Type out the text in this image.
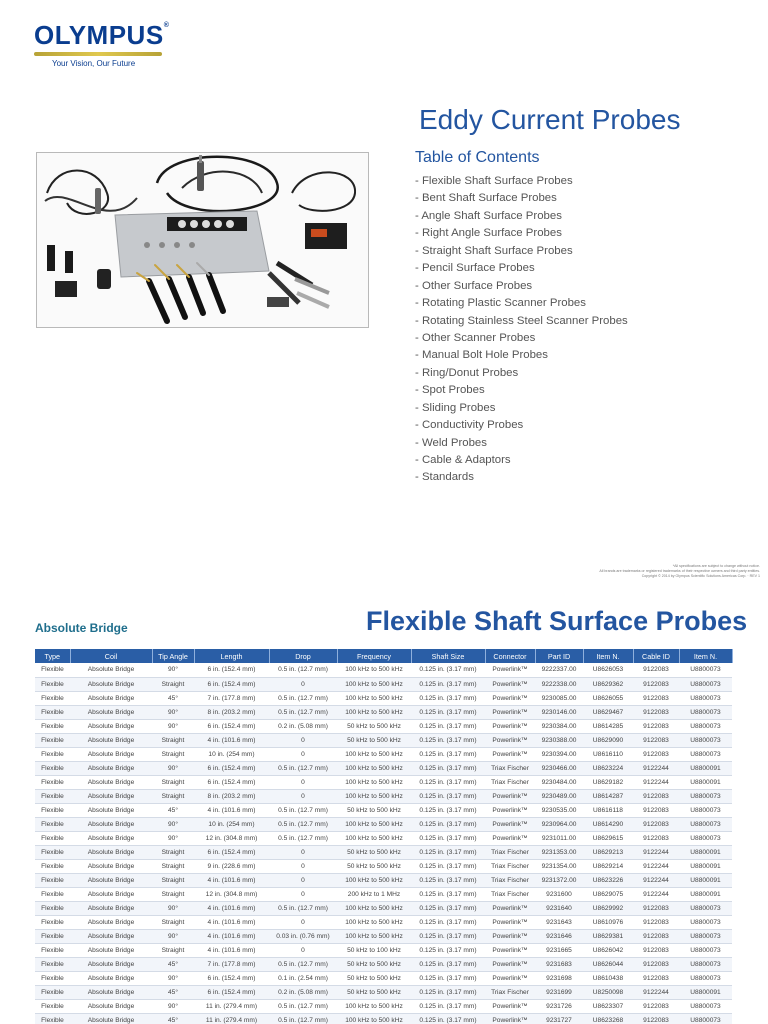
OLYMPUS®
Your Vision, Our Future
Eddy Current Probes
Table of Contents
- Flexible Shaft Surface Probes
- Bent Shaft Surface Probes
- Angle Shaft Surface Probes
- Right Angle Surface Probes
- Straight Shaft Surface Probes
- Pencil Surface Probes
- Other Surface Probes
- Rotating Plastic Scanner Probes
- Rotating Stainless Steel Scanner Probes
- Other Scanner Probes
- Manual Bolt Hole Probes
- Ring/Donut Probes
- Spot Probes
- Sliding Probes
- Conductivity Probes
- Weld Probes
- Cable & Adaptors
- Standards
*All specifications are subject to change without notice.
All brands are trademarks or registered trademarks of their respective owners and third party entities.
Copyright © 2014 by Olympus Scientific Solutions Americas Corp. · REV 1
Absolute Bridge	Flexible Shaft Surface Probes
Type	Coil	Tip Angle	Length	Drop	Frequency	Shaft Size	Connector	Part ID	Item N.	Cable ID	Item N.
Flexible	Absolute Bridge	90°	6 in. (152.4 mm)	0.5 in. (12.7 mm)	100 kHz to 500 kHz	0.125 in. (3.17 mm)	Powerlink™	9222337.00	U8626053	9122083	U8800073
Flexible	Absolute Bridge	Straight	6 in. (152.4 mm)	0	100 kHz to 500 kHz	0.125 in. (3.17 mm)	Powerlink™	9222338.00	U8629362	9122083	U8800073
Flexible	Absolute Bridge	45°	7 in. (177.8 mm)	0.5 in. (12.7 mm)	100 kHz to 500 kHz	0.125 in. (3.17 mm)	Powerlink™	9230085.00	U8626055	9122083	U8800073
Flexible	Absolute Bridge	90°	8 in. (203.2 mm)	0.5 in. (12.7 mm)	100 kHz to 500 kHz	0.125 in. (3.17 mm)	Powerlink™	9230146.00	U8629467	9122083	U8800073
Flexible	Absolute Bridge	90°	6 in. (152.4 mm)	0.2 in. (5.08 mm)	50 kHz to 500 kHz	0.125 in. (3.17 mm)	Powerlink™	9230384.00	U8614285	9122083	U8800073
Flexible	Absolute Bridge	Straight	4 in. (101.6 mm)	0	50 kHz to 500 kHz	0.125 in. (3.17 mm)	Powerlink™	9230388.00	U8629090	9122083	U8800073
Flexible	Absolute Bridge	Straight	10 in. (254 mm)	0	100 kHz to 500 kHz	0.125 in. (3.17 mm)	Powerlink™	9230394.00	U8616110	9122083	U8800073
Flexible	Absolute Bridge	90°	6 in. (152.4 mm)	0.5 in. (12.7 mm)	100 kHz to 500 kHz	0.125 in. (3.17 mm)	Triax Fischer	9230466.00	U8623224	9122244	U8800091
Flexible	Absolute Bridge	Straight	6 in. (152.4 mm)	0	100 kHz to 500 kHz	0.125 in. (3.17 mm)	Triax Fischer	9230484.00	U8629182	9122244	U8800091
Flexible	Absolute Bridge	Straight	8 in. (203.2 mm)	0	100 kHz to 500 kHz	0.125 in. (3.17 mm)	Powerlink™	9230489.00	U8614287	9122083	U8800073
Flexible	Absolute Bridge	45°	4 in. (101.6 mm)	0.5 in. (12.7 mm)	50 kHz to 500 kHz	0.125 in. (3.17 mm)	Powerlink™	9230535.00	U8616118	9122083	U8800073
Flexible	Absolute Bridge	90°	10 in. (254 mm)	0.5 in. (12.7 mm)	100 kHz to 500 kHz	0.125 in. (3.17 mm)	Powerlink™	9230964.00	U8614290	9122083	U8800073
Flexible	Absolute Bridge	90°	12 in. (304.8 mm)	0.5 in. (12.7 mm)	100 kHz to 500 kHz	0.125 in. (3.17 mm)	Powerlink™	9231011.00	U8629615	9122083	U8800073
Flexible	Absolute Bridge	Straight	6 in. (152.4 mm)	0	50 kHz to 500 kHz	0.125 in. (3.17 mm)	Triax Fischer	9231353.00	U8629213	9122244	U8800091
Flexible	Absolute Bridge	Straight	9 in. (228.6 mm)	0	50 kHz to 500 kHz	0.125 in. (3.17 mm)	Triax Fischer	9231354.00	U8629214	9122244	U8800091
Flexible	Absolute Bridge	Straight	4 in. (101.6 mm)	0	100 kHz to 500 kHz	0.125 in. (3.17 mm)	Triax Fischer	9231372.00	U8623226	9122244	U8800091
Flexible	Absolute Bridge	Straight	12 in. (304.8 mm)	0	200 kHz to 1 MHz	0.125 in. (3.17 mm)	Triax Fischer	9231600	U8629075	9122244	U8800091
Flexible	Absolute Bridge	90°	4 in. (101.6 mm)	0.5 in. (12.7 mm)	100 kHz to 500 kHz	0.125 in. (3.17 mm)	Powerlink™	9231640	U8629992	9122083	U8800073
Flexible	Absolute Bridge	Straight	4 in. (101.6 mm)	0	100 kHz to 500 kHz	0.125 in. (3.17 mm)	Powerlink™	9231643	U8610976	9122083	U8800073
Flexible	Absolute Bridge	90°	4 in. (101.6 mm)	0.03 in. (0.76 mm)	100 kHz to 500 kHz	0.125 in. (3.17 mm)	Powerlink™	9231646	U8629381	9122083	U8800073
Flexible	Absolute Bridge	Straight	4 in. (101.6 mm)	0	50 kHz to 100 kHz	0.125 in. (3.17 mm)	Powerlink™	9231665	U8626042	9122083	U8800073
Flexible	Absolute Bridge	45°	7 in. (177.8 mm)	0.5 in. (12.7 mm)	50 kHz to 500 kHz	0.125 in. (3.17 mm)	Powerlink™	9231683	U8626044	9122083	U8800073
Flexible	Absolute Bridge	90°	6 in. (152.4 mm)	0.1 in. (2.54 mm)	50 kHz to 500 kHz	0.125 in. (3.17 mm)	Powerlink™	9231698	U8610438	9122083	U8800073
Flexible	Absolute Bridge	45°	6 in. (152.4 mm)	0.2 in. (5.08 mm)	50 kHz to 500 kHz	0.125 in. (3.17 mm)	Triax Fischer	9231699	U8250098	9122244	U8800091
Flexible	Absolute Bridge	90°	11 in. (279.4 mm)	0.5 in. (12.7 mm)	100 kHz to 500 kHz	0.125 in. (3.17 mm)	Powerlink™	9231726	U8623307	9122083	U8800073
Flexible	Absolute Bridge	45°	11 in. (279.4 mm)	0.5 in. (12.7 mm)	100 kHz to 500 kHz	0.125 in. (3.17 mm)	Powerlink™	9231727	U8623268	9122083	U8800073
